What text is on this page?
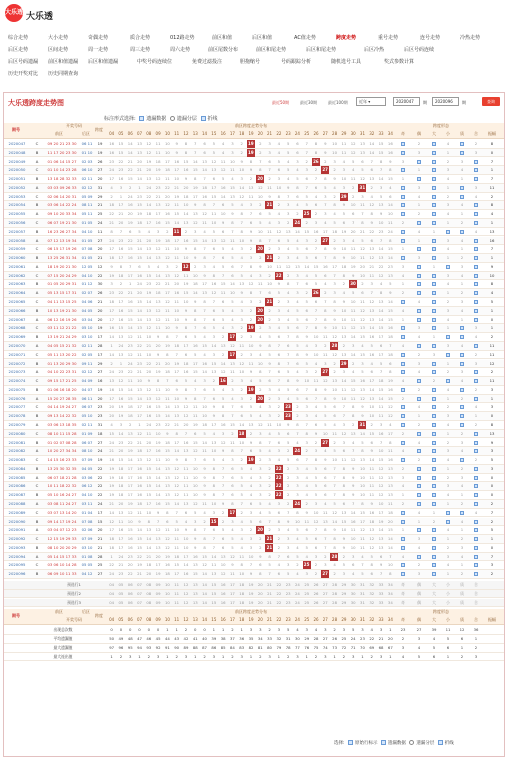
大乐透 大乐透
综合走势	大小走势	奇偶走势	质合走势	012路走势	前区和值	后区和值	AC值走势	跨度走势	重号走势	连号走势	冷热走势
后区走势	区间走势	周一走势	周三走势	周六走势	前区尾数分布	前区和尾走势	后区和尾走势	后区冷热	后区号码连续
后区号码遗漏 前区和值遗漏 后区和值遗漏	中奖号码连续位	免费过滤投注	胆拖缩号	号码跟踪分析	随机选号工具	奖式参数计算
历史开奖对比 历史同期查询
大乐透跨度走势图	最近50期	最近30期	最近100期	近年 ▾	2020047	期	2020096	期	查询
标注形式选择: 遗漏数据 遗漏分层 折线
期号
开奖号码
前区	后区
跨度
前区跨度走势分布	跨度形态
04	05	06	07	08	09	10	11	12	13	14	15	16	17	18	19	20	21	22	23	24	25	26	27	28	29	30	31	32	33	34	奇	偶	大	小	质	合	振幅
2020047	C	09 20 21 23 30	06 11	19	16	15	14	13	12	11	10	9	8	7	6	5	4	3	2	19	2	3	4	5	6	7	8	9	10	11	12	13	14	15	16	2	4	2	8
2020048	B	11 17 20 23 30	01 10	19	16	15	14	13	12	11	10	9	8	7	6	5	4	3	2	19	2	3	4	5	6	7	8	9	10	11	12	13	14	15	16	3	1	3	0
2020049	A	01 06 14 15 27	02 03	26	23	22	21	20	19	18	17	16	15	14	13	12	11	10	9	8	7	6	5	4	3	2	26	2	3	4	5	6	7	8	9	3	2	3	7
2020050	C	01 10 14 23 28	06 10	27	24	23	22	21	20	19	18	17	16	15	14	13	12	11	10	9	8	7	6	5	4	3	2	27	2	3	4	5	6	7	8	1	3	4	1
2020051	B	13 18 28 32 33	02 11	20	17	16	15	14	13	12	11	10	9	8	7	6	5	4	3	2	20	2	3	4	5	6	7	8	9	10	11	12	13	14	15	1	4	1	7
2020052	A	03 03 09 26 33	02 12	31	4	3	2	1	24	23	22	21	20	19	18	17	16	15	14	13	12	11	10	9	8	7	6	5	4	3	2	31	2	3	4	3	1	3	11
2020053	C	02 06 14 20 31	05 09	29	2	1	24	23	22	21	20	19	18	17	16	15	14	13	12	11	10	9	8	7	6	5	4	3	2	29	2	3	4	5	6	4	2	4	2
2020054	B	03 06 14 22 24	08 11	21	18	17	16	15	14	13	12	11	10	9	8	7	6	5	4	3	2	21	2	3	4	5	6	7	8	9	10	11	12	13	14	1	3	4	8
2020055	A	09 10 20 33 34	05 11	25	22	21	20	19	18	17	16	15	14	13	12	11	10	9	8	7	6	5	4	3	2	25	2	3	4	5	6	7	8	9	10	2	4	1	4
2020056	C	06 07 19 21 30	01 05	24	21	20	19	18	17	16	15	14	13	12	11	10	9	8	7	6	5	4	3	2	24	2	3	4	5	6	7	8	9	10	11	2	1	2	1
2020057	B	16 23 26 27 34	04 10	11	8	7	6	5	4	3	2	11	2	3	4	5	6	7	8	9	10	11	12	13	14	15	16	17	18	19	20	21	22	23	24	4	1	4	13
2020058	A	07 12 13 19 34	01 05	27	24	23	22	21	20	19	18	17	16	15	14	13	12	11	10	9	8	7	6	5	4	3	2	27	2	3	4	5	6	7	8	1	3	4	16
2020059	C	06 15 17 19 26	07 08	20	17	16	15	14	13	12	11	10	9	8	7	6	5	4	3	2	20	2	3	4	5	6	7	8	9	10	11	12	13	14	15	1	4	1	7
2020060	B	13 25 26 31 34	01 05	21	18	17	16	15	14	13	12	11	10	9	8	7	6	5	4	3	2	21	2	3	4	5	6	7	8	9	10	11	12	13	14	3	1	2	1
2020061	A	18 19 20 21 30	12 05	12	9	8	7	6	5	4	3	2	12	2	3	4	5	6	7	8	9	10	11	12	13	14	15	16	17	18	19	20	21	22	23	3	1	3	9
2020062	C	07 15 20 24 29	04 10	22	19	18	17	16	15	14	13	12	11	10	9	8	7	6	5	4	3	2	22	2	3	4	5	6	7	8	9	10	11	12	13	4	3	4	10
2020063	B	01 05 20 29 31	01 12	30	3	2	1	24	23	22	21	20	19	18	17	16	15	14	13	12	11	10	9	8	7	6	5	4	3	2	30	2	3	4	5	1	4	1	8
2020064	A	05 13 15 17 31	02 07	26	23	22	21	20	19	18	17	16	15	14	13	12	11	10	9	8	7	6	5	4	3	2	26	2	3	4	5	6	7	8	9	2	1	2	4
2020065	C	04 11 13 15 25	04 06	21	18	17	16	15	14	13	12	11	10	9	8	7	6	5	4	3	2	21	2	3	4	5	6	7	8	9	10	11	12	13	14	4	2	3	5
2020066	B	10 13 19 21 30	04 05	20	17	16	15	14	13	12	11	10	9	8	7	6	5	4	3	2	20	2	3	4	5	6	7	8	9	10	11	12	13	14	15	4	3	4	1
2020067	A	06 12 16 19 26	03 04	20	17	16	15	14	13	12	11	10	9	8	7	6	5	4	3	2	20	2	3	4	5	6	7	8	9	10	11	12	13	14	15	1	4	1	0
2020068	C	03 11 12 21 22	05 10	19	16	15	14	13	12	11	10	9	8	7	6	5	4	3	2	19	2	3	4	5	6	7	8	9	10	11	12	13	14	15	16	3	1	3	1
2020069	B	13 19 21 24 29	03 10	17	14	13	12	11	10	9	8	7	6	5	4	3	2	17	2	3	4	5	6	7	8	9	10	11	12	13	14	15	16	17	18	4	1	4	2
2020070	A	04 05 15 21 32	02 11	28	1	24	23	22	21	20	19	18	17	16	15	14	13	12	11	10	9	8	7	6	5	4	3	2	28	2	3	4	5	6	7	4	3	4	11
2020071	C	05 11 13 20 22	02 05	17	14	13	12	11	10	9	8	7	6	5	4	3	2	17	2	3	4	5	6	7	8	9	10	11	12	13	14	15	16	17	18	2	3	2	11
2020072	B	01 13 20 29 30	09 11	29	2	1	24	23	22	21	20	19	18	17	16	15	14	13	12	11	10	9	8	7	6	5	4	3	2	29	2	3	4	5	6	3	1	3	12
2020073	A	04 10 22 23 31	02 12	27	24	23	22	21	20	19	18	17	16	15	14	13	12	11	10	9	8	7	6	5	4	3	2	27	2	3	4	5	6	7	8	4	2	3	2
2020074	C	09 15 17 21 25	04 09	16	13	12	11	10	9	8	7	6	5	4	3	2	16	2	3	4	5	6	7	8	9	10	11	12	13	14	15	16	17	18	19	4	2	4	11
2020075	B	01 06 16 18 20	04 07	19	16	15	14	13	12	11	10	9	8	7	6	5	4	3	2	19	2	3	4	5	6	7	8	9	10	11	12	13	14	15	16	2	4	2	3
2020076	A	15 20 27 28 35	06 11	20	17	16	15	14	13	12	11	10	9	8	7	6	5	4	3	2	20	2	3	4	5	6	7	8	9	10	11	12	13	14	15	2	1	2	1
2020077	C	04 14 19 24 27	06 07	23	20	19	18	17	16	15	14	13	12	11	10	9	8	7	6	5	4	3	2	23	2	3	4	5	6	7	8	9	10	11	12	4	2	4	3
2020078	B	09 13 14 22 32	05 10	23	20	19	18	17	16	15	14	13	12	11	10	9	8	7	6	5	4	3	2	23	2	3	4	5	6	7	8	9	10	11	12	1	3	1	0
2020079	A	03 06 13 18 35	02 11	31	4	3	2	1	24	23	22	21	20	19	18	17	16	15	14	13	12	11	10	9	8	7	6	5	4	3	2	31	2	3	4	2	4	2	8
2020080	C	08 10 11 15 28	01 09	18	15	14	13	12	11	10	9	8	7	6	5	4	3	2	18	2	3	4	5	6	7	8	9	10	11	12	13	14	15	16	17	2	1	2	13
2020081	B	01 02 07 08 28	06 07	27	24	23	22	21	20	19	18	17	16	15	14	13	12	11	10	9	8	7	6	5	4	3	2	27	2	3	4	5	6	7	8	4	2	3	9
2020082	A	10 20 27 34 34	08 10	24	21	20	19	18	17	16	15	14	13	12	11	10	9	8	7	6	5	4	3	2	24	2	3	4	5	6	7	8	9	10	11	4	3	4	3
2020083	C	14 15 16 23 33	07 09	19	16	15	14	13	12	11	10	9	8	7	6	5	4	3	2	19	2	3	4	5	6	7	8	9	10	11	12	13	14	15	16	2	4	2	5
2020084	B	13 25 30 32 35	04 05	22	19	18	17	16	15	14	13	12	11	10	9	8	7	6	5	4	3	2	22	2	3	4	5	6	7	8	9	10	11	12	13	2	1	2	3
2020085	A	06 07 18 21 28	03 06	22	19	18	17	16	15	14	13	12	11	10	9	8	7	6	5	4	3	2	22	2	3	4	5	6	7	8	9	10	11	12	13	3	2	3	0
2020086	C	10 11 18 22 32	06 12	22	19	18	17	16	15	14	13	12	11	10	9	8	7	6	5	4	3	2	22	2	3	4	5	6	7	8	9	10	11	12	13	4	3	4	0
2020087	B	05 10 16 24 27	04 10	22	19	18	17	16	15	14	13	12	11	10	9	8	7	6	5	4	3	2	22	2	3	4	5	6	7	8	9	10	11	12	13	1	4	1	0
2020088	A	03 08 11 24 27	03 11	24	21	20	19	18	17	16	15	14	13	12	11	10	9	8	7	6	5	4	3	2	24	2	3	4	5	6	7	8	9	10	11	2	1	2	2
2020089	C	03 07 13 14 20	01 04	17	14	13	12	11	10	9	8	7	6	5	4	3	2	17	2	3	4	5	6	7	8	9	10	11	12	13	14	15	16	17	18	4	1	4	7
2020090	B	09 14 17 19 24	07 08	15	12	11	10	9	8	7	6	5	4	3	2	15	2	3	4	5	6	7	8	9	10	11	12	13	14	15	16	17	18	19	20	1	2	4	2
2020091	A	03 04 07 12 23	02 06	20	17	16	15	14	13	12	11	10	9	8	7	6	5	4	3	2	20	2	3	4	5	6	7	8	9	10	11	12	13	14	15	1	4	1	5
2020092	C	12 15 19 29 33	07 09	21	18	17	16	15	14	13	12	11	10	9	8	7	6	5	4	3	2	21	2	3	4	5	6	7	8	9	10	11	12	13	14	3	1	2	1
2020093	B	08 10 20 20 29	03 10	21	18	17	16	15	14	13	12	11	10	9	8	7	6	5	4	3	2	21	2	3	4	5	6	7	8	9	10	11	12	13	14	4	2	3	0
2020094	A	05 14 15 17 33	01 08	28	1	24	23	22	21	20	19	18	17	16	15	14	13	12	11	10	9	8	7	6	5	4	3	2	28	2	3	4	5	6	7	4	3	4	7
2020095	C	03 06 10 14 28	05 05	25	22	21	20	19	18	17	16	15	14	13	12	11	10	9	8	7	6	5	4	3	2	25	2	3	4	5	6	7	8	9	10	2	4	1	3
2020096	B	06 09 10 11 33	04 12	27	24	23	22	21	20	19	18	17	16	15	14	13	12	11	10	9	8	7	6	5	4	3	2	27	2	3	4	5	6	7	8	3	1	2	2
预选行1	04	05	06	07	08	09	10	11	12	13	14	15	16	17	18	19	20	21	22	23	24	25	26	27	28	29	30	31	32	33	34	奇	偶	大	小	质	合
预选行2	04	05	06	07	08	09	10	11	12	13	14	15	16	17	18	19	20	21	22	23	24	25	26	27	28	29	30	31	32	33	34	奇	偶	大	小	质	合
预选行3	04	05	06	07	08	09	10	11	12	13	14	15	16	17	18	19	20	21	22	23	24	25	26	27	28	29	30	31	32	33	34	奇	偶	大	小	质	合
期号
前区	后区
开奖号码
跨度
前区跨度走势分布
04	05	06	07	08	09	10	11	12	13	14	15	16	17	18	19	20	21	22	23	24	25	26	27	28	29	30	31	32	33	34
跨度形态
奇	偶	大	小	质	合	振幅
出现总次数	0	0	0	0	0	0	1	1	2	0	0	1	1	2	1	3	3	2	3	5	4	3	4	3	2	3	5	3	4	3	1	23	27	39	11	12	36
平均遗漏值	50	49	48	47	46	45	44	43	42	41	40	39	38	37	36	35	34	33	32	31	30	29	28	27	26	25	24	23	22	21	20	2	3	4	5	6	1
最大遗漏值	97	96	95	94	93	92	91	90	89	88	87	86	85	84	83	82	81	80	79	78	77	76	75	74	73	72	71	70	69	68	67	3	4	5	6	1	2
最大连出值	1	2	3	1	2	3	1	2	3	1	2	3	1	2	3	1	2	3	1	2	3	1	2	3	1	2	3	1	2	3	1	4	5	6	1	2	3
选择: 原始行标示 遗漏数据 遗漏分层 折线
